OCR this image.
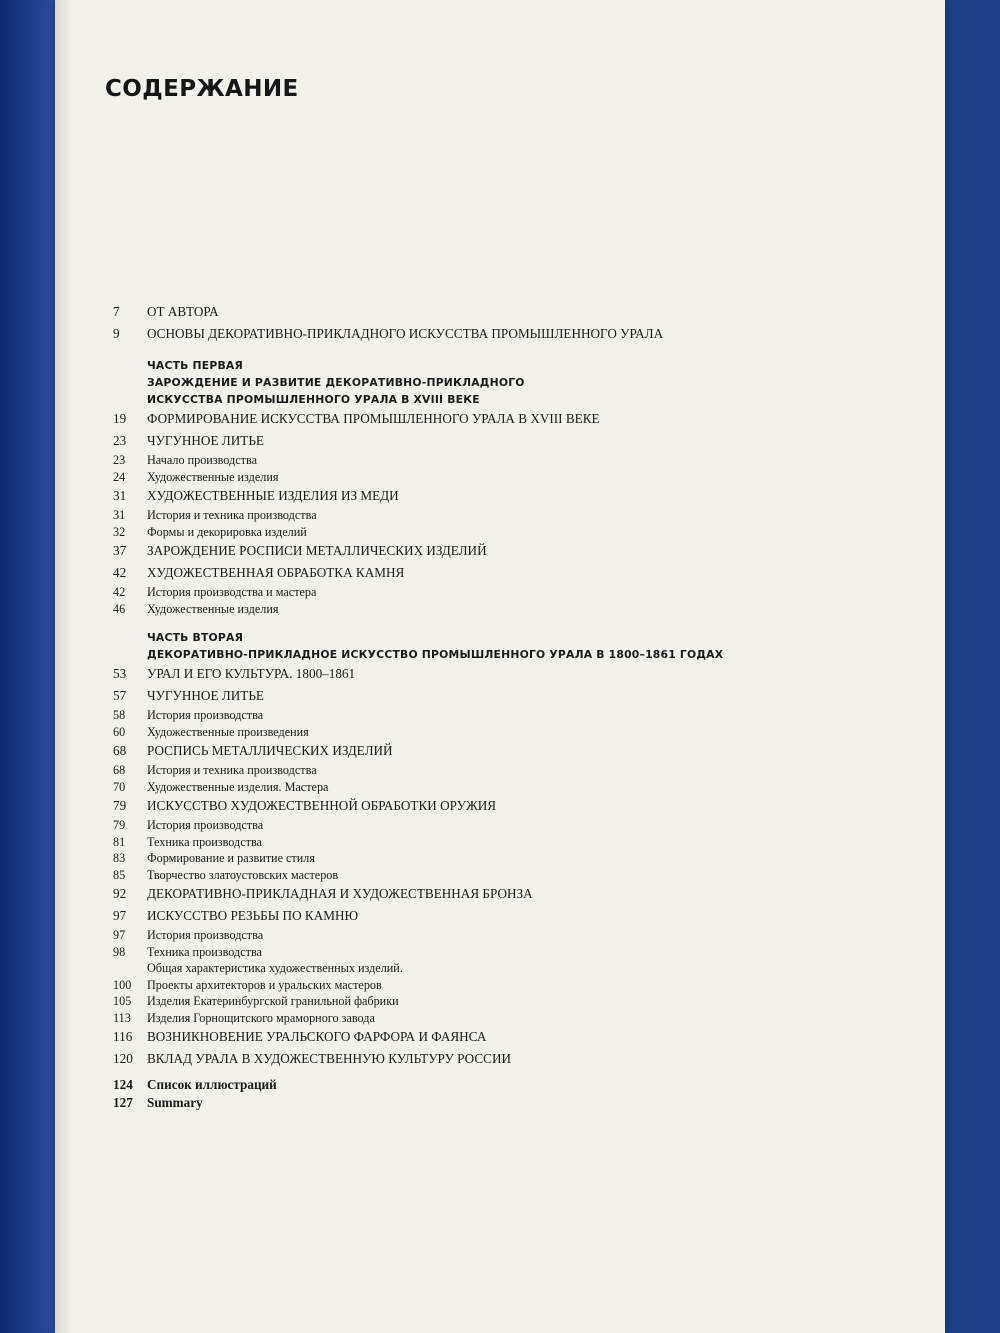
СОДЕРЖАНИЕ
7	ОТ АВТОРА
9	ОСНОВЫ ДЕКОРАТИВНО-ПРИКЛАДНОГО ИСКУССТВА ПРОМЫШЛЕННОГО УРАЛА
ЧАСТЬ ПЕРВАЯ
ЗАРОЖДЕНИЕ И РАЗВИТИЕ ДЕКОРАТИВНО-ПРИКЛАДНОГО
ИСКУССТВА ПРОМЫШЛЕННОГО УРАЛА В XVIII ВЕКЕ
19	ФОРМИРОВАНИЕ ИСКУССТВА ПРОМЫШЛЕННОГО УРАЛА В XVIII ВЕКЕ
23	ЧУГУННОЕ ЛИТЬЕ
23	Начало производства
24	Художественные изделия
31	ХУДОЖЕСТВЕННЫЕ ИЗДЕЛИЯ ИЗ МЕДИ
31	История и техника производства
32	Формы и декорировка изделий
37	ЗАРОЖДЕНИЕ РОСПИСИ МЕТАЛЛИЧЕСКИХ ИЗДЕЛИЙ
42	ХУДОЖЕСТВЕННАЯ ОБРАБОТКА КАМНЯ
42	История производства и мастера
46	Художественные изделия
ЧАСТЬ ВТОРАЯ
ДЕКОРАТИВНО-ПРИКЛАДНОЕ ИСКУССТВО ПРОМЫШЛЕННОГО УРАЛА В 1800–1861 ГОДАХ
53	УРАЛ И ЕГО КУЛЬТУРА. 1800–1861
57	ЧУГУННОЕ ЛИТЬЕ
58	История производства
60	Художественные произведения
68	РОСПИСЬ МЕТАЛЛИЧЕСКИХ ИЗДЕЛИЙ
68	История и техника производства
70	Художественные изделия. Мастера
79	ИСКУССТВО ХУДОЖЕСТВЕННОЙ ОБРАБОТКИ ОРУЖИЯ
79	История производства
81	Техника производства
83	Формирование и развитие стиля
85	Творчество златоустовских мастеров
92	ДЕКОРАТИВНО-ПРИКЛАДНАЯ И ХУДОЖЕСТВЕННАЯ БРОНЗА
97	ИСКУССТВО РЕЗЬБЫ ПО КАМНЮ
97	История производства
98	Техника производства
Общая характеристика художественных изделий.
100	Проекты архитекторов и уральских мастеров
105	Изделия Екатеринбургской гранильной фабрики
113	Изделия Горнощитского мраморного завода
116	ВОЗНИКНОВЕНИЕ УРАЛЬСКОГО ФАРФОРА И ФАЯНСА
120	ВКЛАД УРАЛА В ХУДОЖЕСТВЕННУЮ КУЛЬТУРУ РОССИИ
124	Список иллюстраций
127	Summary
